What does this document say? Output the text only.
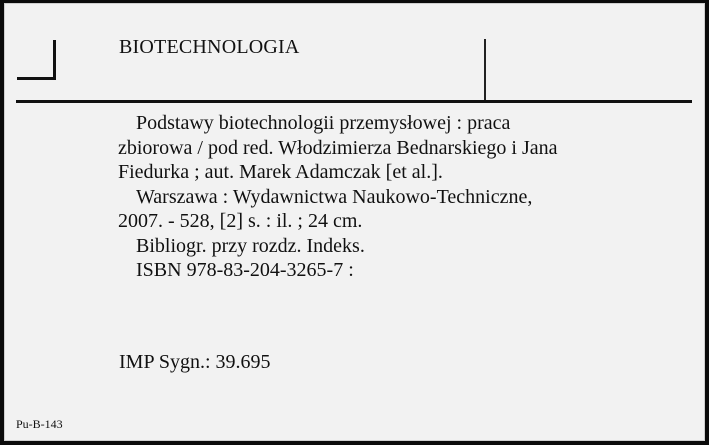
BIOTECHNOLOGIA
Podstawy biotechnologii przemysłowej : praca
zbiorowa / pod red. Włodzimierza Bednarskiego i Jana
Fiedurka ; aut. Marek Adamczak [et al.].
Warszawa : Wydawnictwa Naukowo-Techniczne,
2007. - 528, [2] s. : il. ; 24 cm.
Bibliogr. przy rozdz. Indeks.
ISBN 978-83-204-3265-7 :
IMP Sygn.: 39.695
Pu-B-143
